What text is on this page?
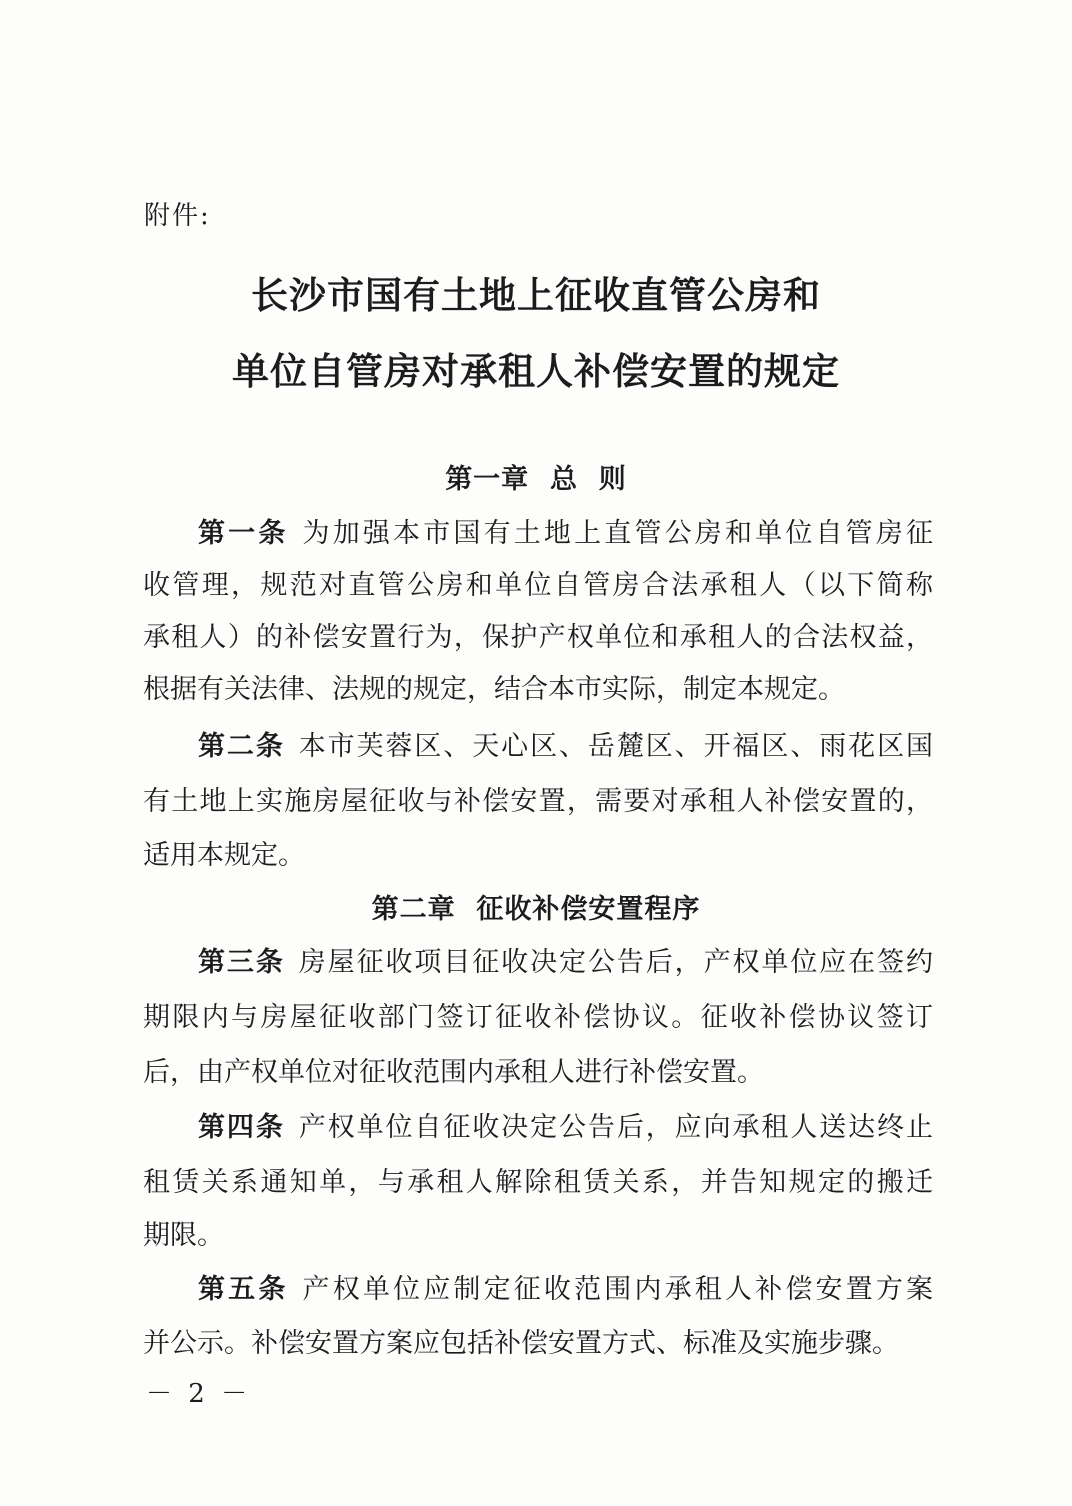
附件:
长沙市国有土地上征收直管公房和
单位自管房对承租人补偿安置的规定
第一章  总  则
第一条 为加强本市国有土地上直管公房和单位自管房征
收管理，规范对直管公房和单位自管房合法承租人（以下简称
承租人）的补偿安置行为，保护产权单位和承租人的合法权益，
根据有关法律、法规的规定，结合本市实际，制定本规定。
第二条 本市芙蓉区、天心区、岳麓区、开福区、雨花区国
有土地上实施房屋征收与补偿安置，需要对承租人补偿安置的，
适用本规定。
第二章  征收补偿安置程序
第三条 房屋征收项目征收决定公告后，产权单位应在签约
期限内与房屋征收部门签订征收补偿协议。征收补偿协议签订
后，由产权单位对征收范围内承租人进行补偿安置。
第四条 产权单位自征收决定公告后，应向承租人送达终止
租赁关系通知单，与承租人解除租赁关系，并告知规定的搬迁
期限。
第五条 产权单位应制定征收范围内承租人补偿安置方案
并公示。补偿安置方案应包括补偿安置方式、标准及实施步骤。
－ 2 －
